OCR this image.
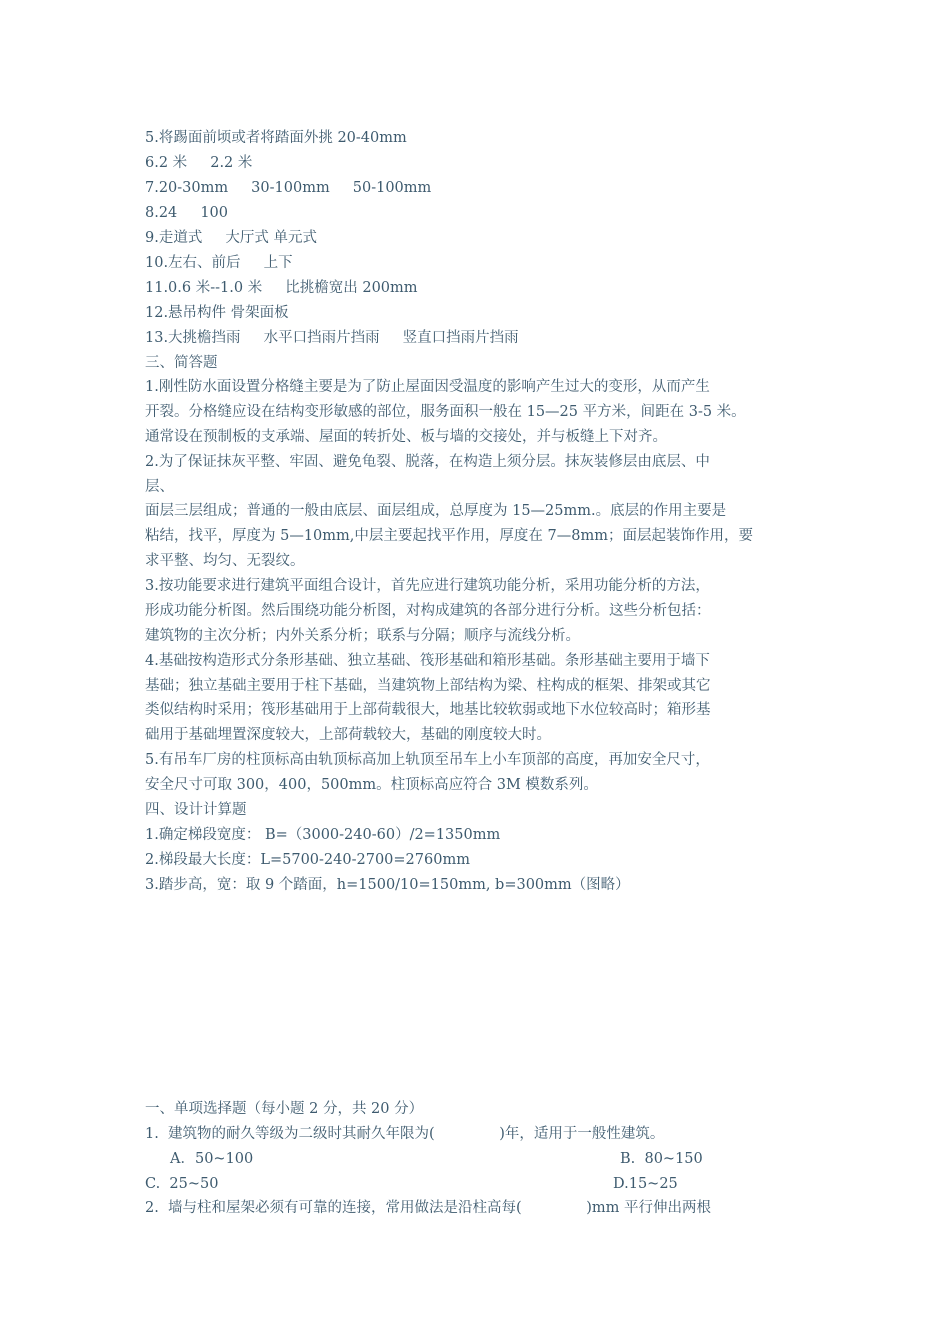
5.将踢面前顷或者将踏面外挑 20-40mm
6.2 米     2.2 米
7.20-30mm     30-100mm     50-100mm
8.24     100
9.走道式     大厅式 单元式
10.左右、前后     上下
11.0.6 米--1.0 米     比挑檐宽出 200mm
12.悬吊构件 骨架面板
13.大挑檐挡雨     水平口挡雨片挡雨     竖直口挡雨片挡雨
三、简答题
1.刚性防水面设置分格缝主要是为了防止屋面因受温度的影响产生过大的变形，从而产生
开裂。分格缝应设在结构变形敏感的部位，服务面积一般在 15—25 平方米，间距在 3-5 米。
通常设在预制板的支承端、屋面的转折处、板与墙的交接处，并与板缝上下对齐。
2.为了保证抹灰平整、牢固、避免龟裂、脱落，在构造上须分层。抹灰装修层由底层、中
层、
面层三层组成；普通的一般由底层、面层组成，总厚度为 15—25mm.。底层的作用主要是
粘结，找平，厚度为 5—10mm,中层主要起找平作用，厚度在 7—8mm；面层起装饰作用，要
求平整、均匀、无裂纹。
3.按功能要求进行建筑平面组合设计，首先应进行建筑功能分析，采用功能分析的方法，
形成功能分析图。然后围绕功能分析图，对构成建筑的各部分进行分析。这些分析包括：
建筑物的主次分析；内外关系分析；联系与分隔；顺序与流线分析。
4.基础按构造形式分条形基础、独立基础、筏形基础和箱形基础。条形基础主要用于墙下
基础；独立基础主要用于柱下基础，当建筑物上部结构为梁、柱构成的框架、排架或其它
类似结构时采用；筏形基础用于上部荷载很大，地基比较软弱或地下水位较高时；箱形基
础用于基础埋置深度较大，上部荷载较大，基础的刚度较大时。
5.有吊车厂房的柱顶标高由轨顶标高加上轨顶至吊车上小车顶部的高度，再加安全尺寸，
安全尺寸可取 300，400，500mm。柱顶标高应符合 3M 模数系列。
四、设计计算题
1.确定梯段宽度： B=（3000-240-60）/2=1350mm
2.梯段最大长度：L=5700-240-2700=2760mm
3.踏步高，宽：取 9 个踏面，h=1500/10=150mm, b=300mm（图略）
一、单项选择题（每小题 2 分，共 20 分）
1.  建筑物的耐久等级为二级时其耐久年限为(              )年，适用于一般性建筑。
A．50~100	B.  80~150
C.  25~50	D.15~25
2.  墙与柱和屋架必须有可靠的连接，常用做法是沿柱高每(              )mm 平行伸出两根
